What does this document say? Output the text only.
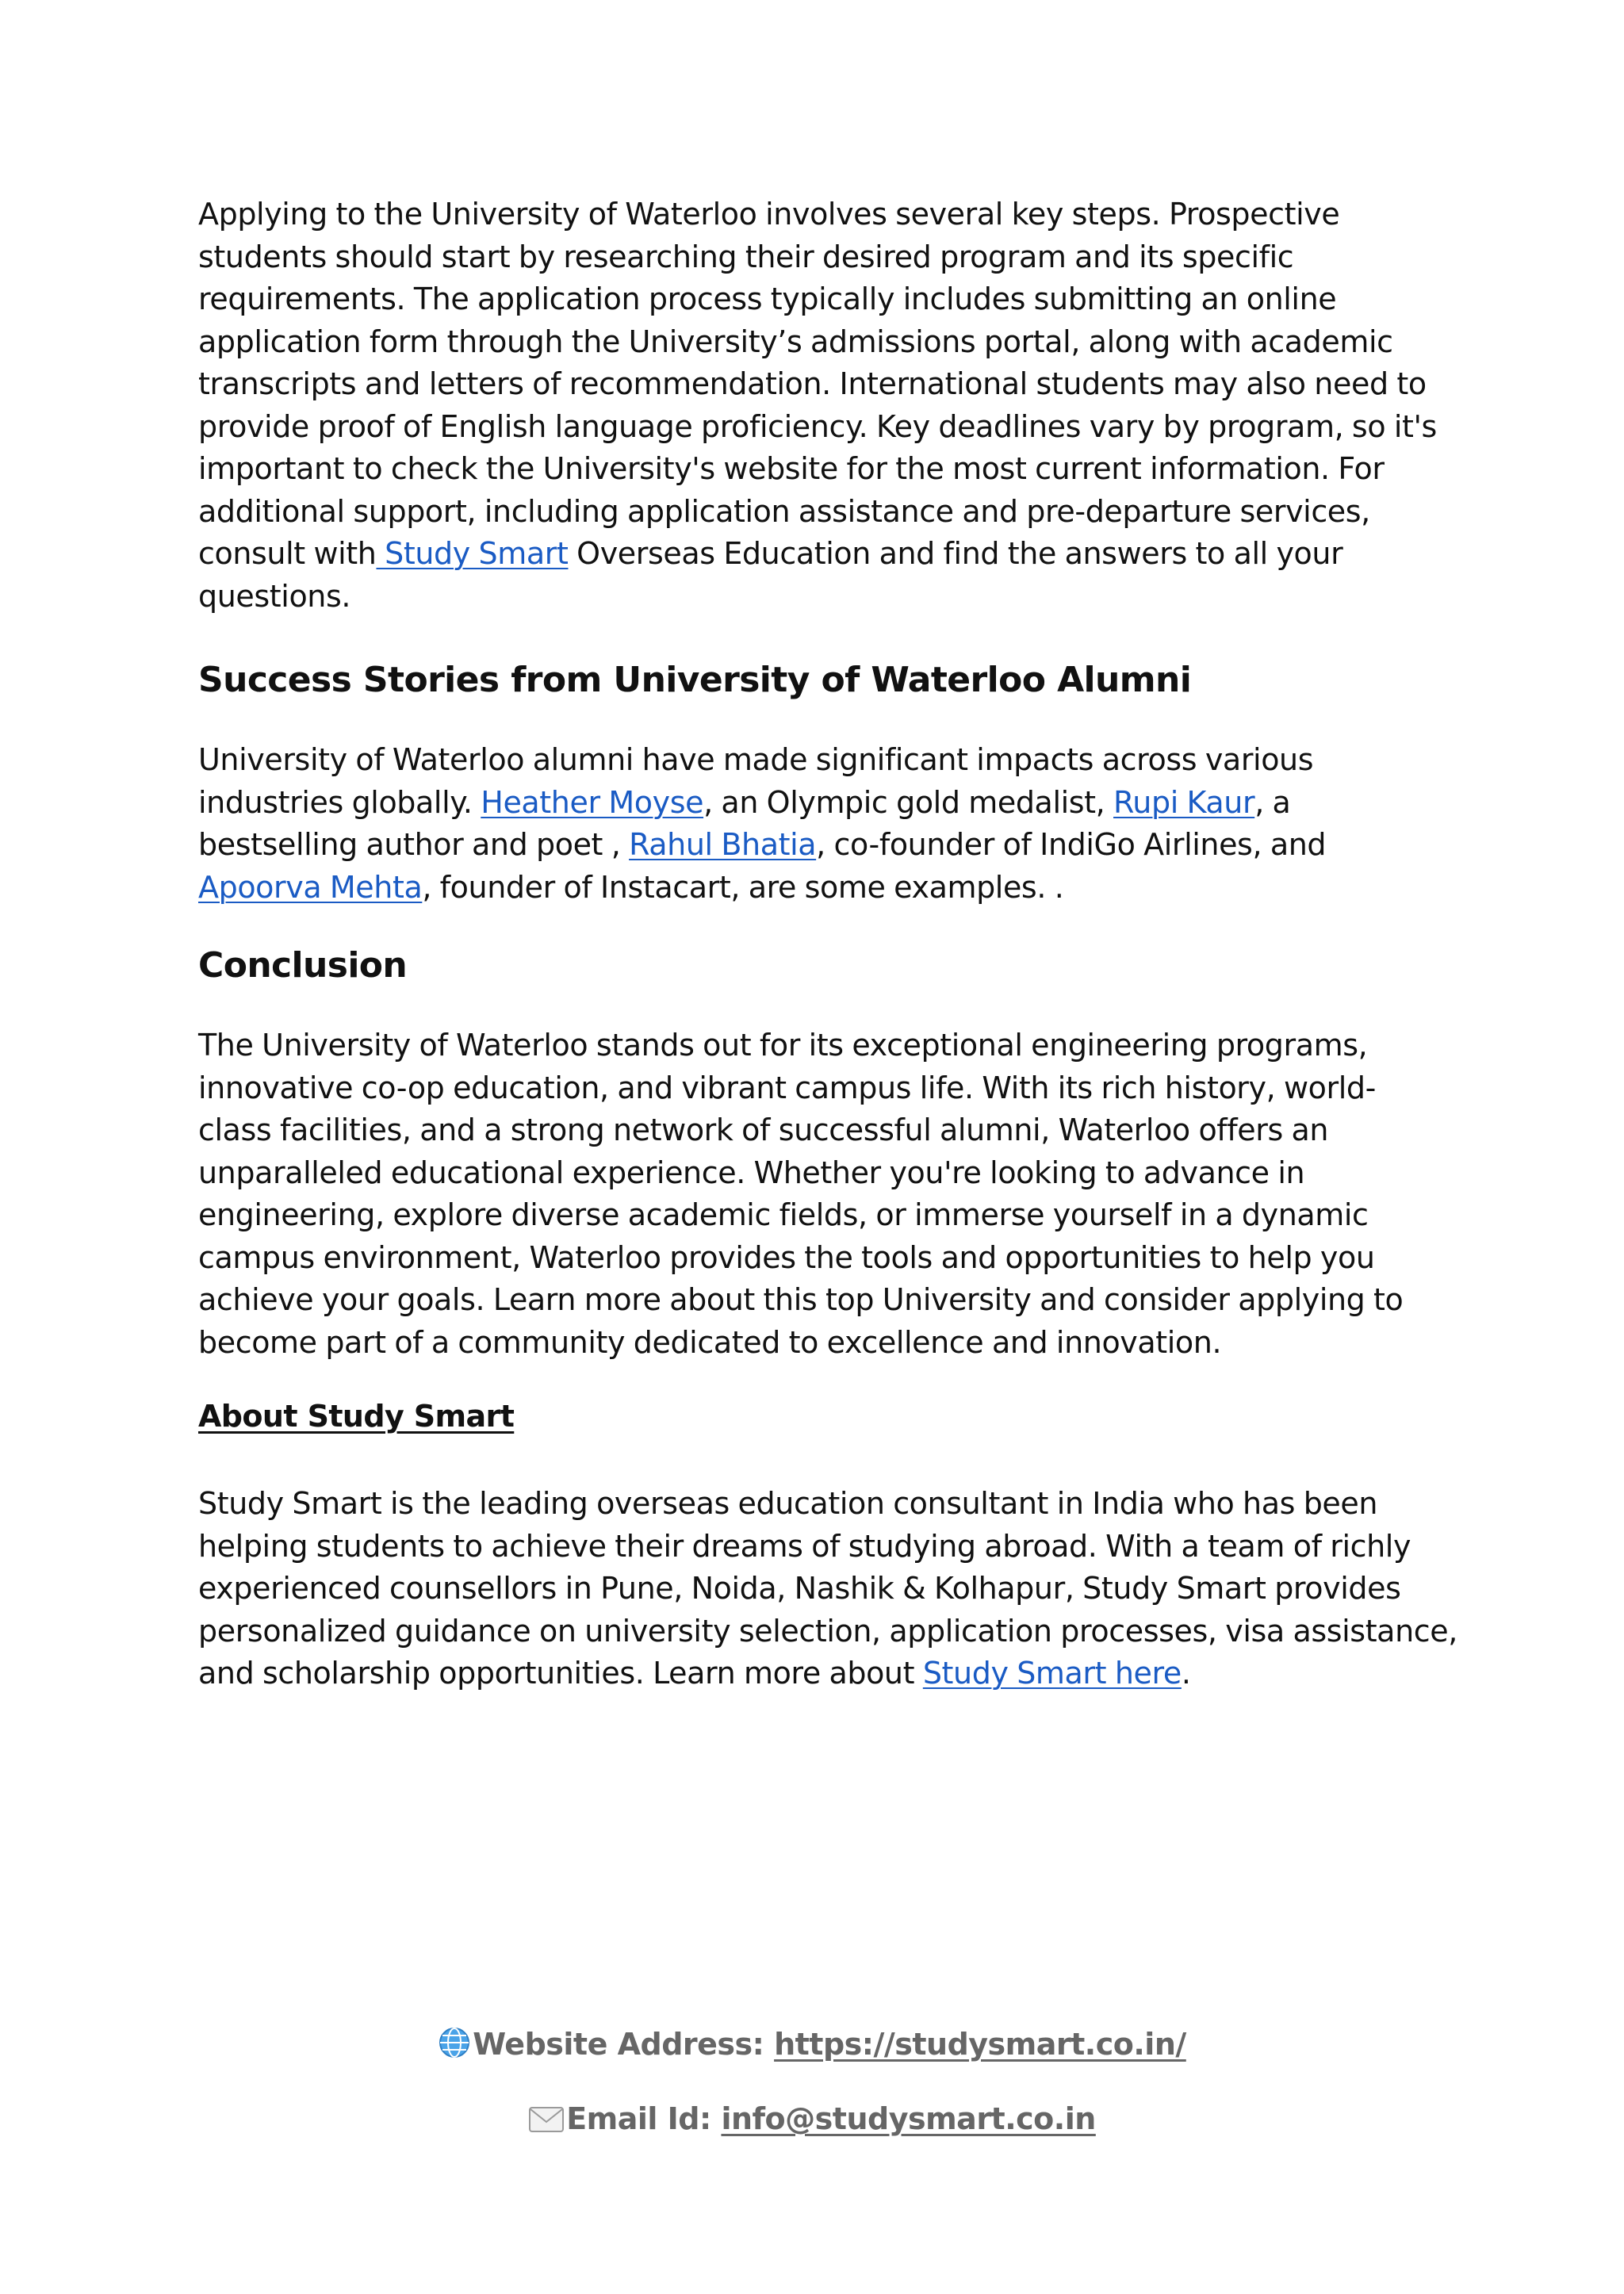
Applying to the University of Waterloo involves several key steps. Prospective students should start by researching their desired program and its specific requirements. The application process typically includes submitting an online application form through the University’s admissions portal, along with academic transcripts and letters of recommendation. International students may also need to provide proof of English language proficiency. Key deadlines vary by program, so it's important to check the University's website for the most current information. For additional support, including application assistance and pre-departure services, consult with Study Smart Overseas Education and find the answers to all your questions.

Success Stories from University of Waterloo Alumni

University of Waterloo alumni have made significant impacts across various industries globally. Heather Moyse, an Olympic gold medalist, Rupi Kaur, a bestselling author and poet , Rahul Bhatia, co-founder of IndiGo Airlines, and Apoorva Mehta, founder of Instacart, are some examples. .

Conclusion

The University of Waterloo stands out for its exceptional engineering programs, innovative co-op education, and vibrant campus life. With its rich history, world-class facilities, and a strong network of successful alumni, Waterloo offers an unparalleled educational experience. Whether you're looking to advance in engineering, explore diverse academic fields, or immerse yourself in a dynamic campus environment, Waterloo provides the tools and opportunities to help you achieve your goals. Learn more about this top University and consider applying to become part of a community dedicated to excellence and innovation.

About Study Smart

Study Smart is the leading overseas education consultant in India who has been helping students to achieve their dreams of studying abroad. With a team of richly experienced counsellors in Pune, Noida, Nashik & Kolhapur, Study Smart provides personalized guidance on university selection, application processes, visa assistance, and scholarship opportunities. Learn more about Study Smart here.

Website Address: https://studysmart.co.in/
Email Id: info@studysmart.co.in
